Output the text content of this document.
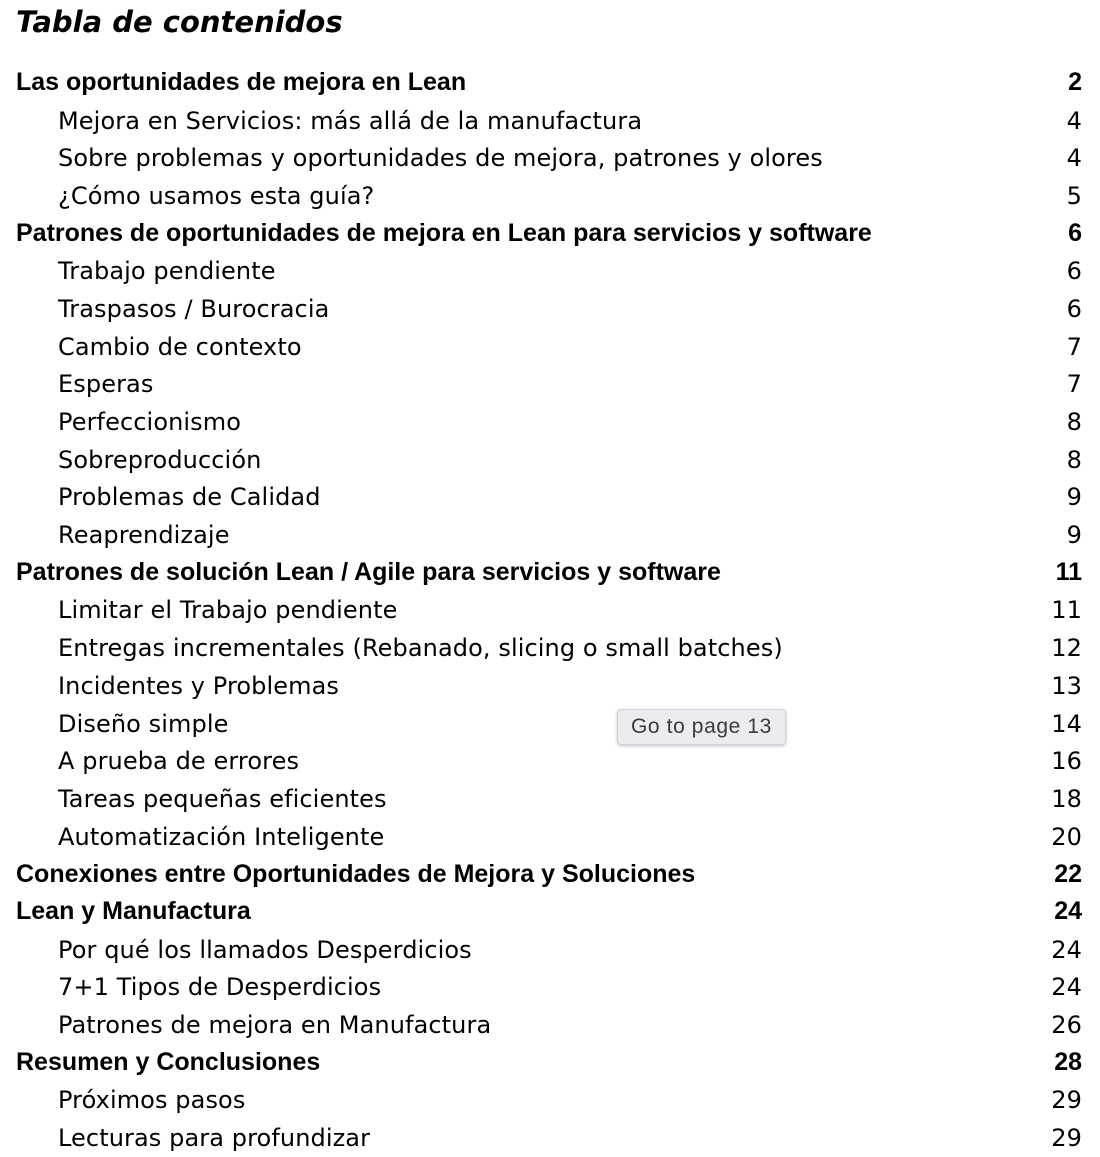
Tabla de contenidos
Las oportunidades de mejora en Lean	2
Mejora en Servicios: más allá de la manufactura	4
Sobre problemas y oportunidades de mejora, patrones y olores	4
¿Cómo usamos esta guía?	5
Patrones de oportunidades de mejora en Lean para servicios y software	6
Trabajo pendiente	6
Traspasos / Burocracia	6
Cambio de contexto	7
Esperas	7
Perfeccionismo	8
Sobreproducción	8
Problemas de Calidad	9
Reaprendizaje	9
Patrones de solución Lean / Agile para servicios y software	11
Limitar el Trabajo pendiente	11
Entregas incrementales (Rebanado, slicing o small batches)	12
Incidentes y Problemas	13
Diseño simple	14
A prueba de errores	16
Tareas pequeñas eficientes	18
Automatización Inteligente	20
Conexiones entre Oportunidades de Mejora y Soluciones	22
Lean y Manufactura	24
Por qué los llamados Desperdicios	24
7+1 Tipos de Desperdicios	24
Patrones de mejora en Manufactura	26
Resumen y Conclusiones	28
Próximos pasos	29
Lecturas para profundizar	29
Go to page 13
